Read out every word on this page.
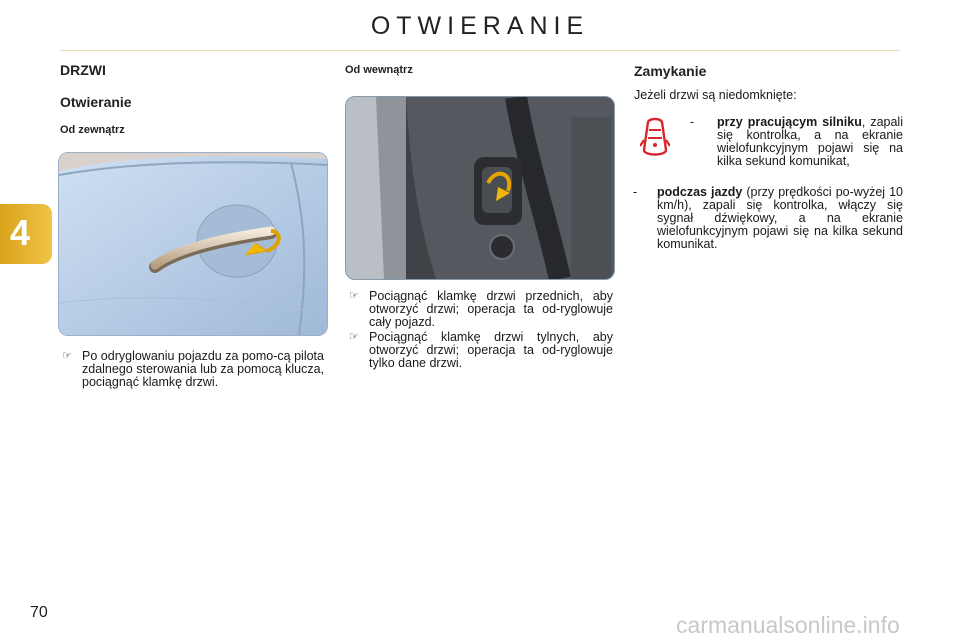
OTWIERANIE
4
DRZWI
Otwieranie
Od zewnątrz
☞ Po odryglowaniu pojazdu za pomo-cą pilota zdalnego sterowania lub za pomocą klucza, pociągnąć klamkę drzwi.
Od wewnątrz
☞ Pociągnąć klamkę drzwi przednich, aby otworzyć drzwi; operacja ta od-ryglowuje cały pojazd.
☞ Pociągnąć klamkę drzwi tylnych, aby otworzyć drzwi; operacja ta od-ryglowuje tylko dane drzwi.
Zamykanie
Jeżeli drzwi są niedomknięte:
- przy pracującym silniku, zapali się kontrolka, a na ekranie wielofunkcyjnym pojawi się na kilka sekund komunikat,
- podczas jazdy (przy prędkości po-wyżej 10 km/h), zapali się kontrolka, włączy się sygnał dźwiękowy, a na ekranie wielofunkcyjnym pojawi się na kilka sekund komunikat.
70	carmanualsonline.info
